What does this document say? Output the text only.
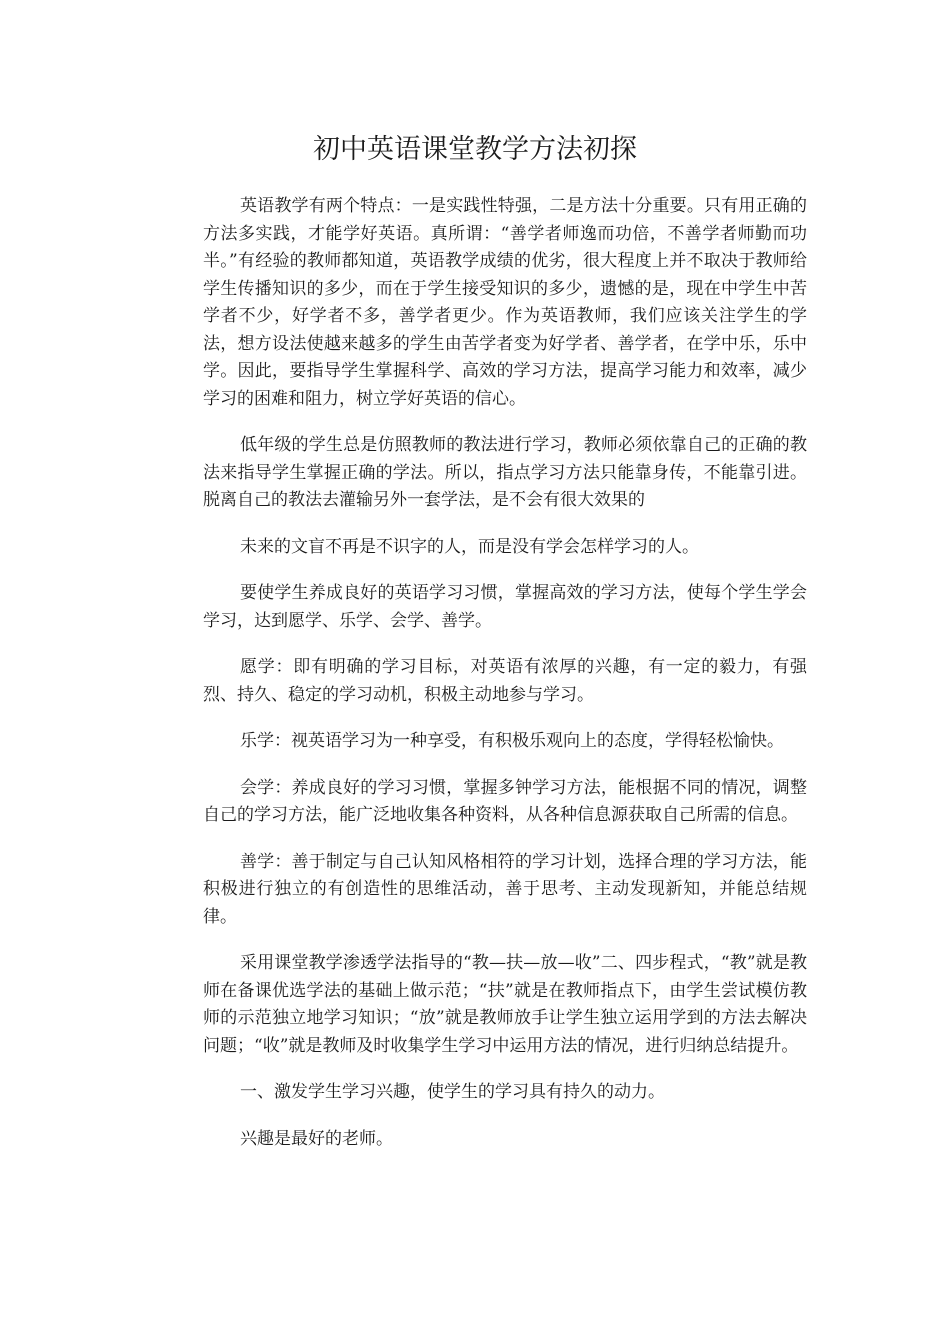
初中英语课堂教学方法初探

英语教学有两个特点：一是实践性特强，二是方法十分重要。只有用正确的方法多实践，才能学好英语。真所谓：“善学者师逸而功倍，不善学者师勤而功半。”有经验的教师都知道，英语教学成绩的优劣，很大程度上并不取决于教师给学生传播知识的多少，而在于学生接受知识的多少，遗憾的是，现在中学生中苦学者不少，好学者不多，善学者更少。作为英语教师，我们应该关注学生的学法，想方设法使越来越多的学生由苦学者变为好学者、善学者，在学中乐，乐中学。因此，要指导学生掌握科学、高效的学习方法，提高学习能力和效率，减少学习的困难和阻力，树立学好英语的信心。

低年级的学生总是仿照教师的教法进行学习，教师必须依靠自己的正确的教法来指导学生掌握正确的学法。所以，指点学习方法只能靠身传，不能靠引进。脱离自己的教法去灌输另外一套学法，是不会有很大效果的

未来的文盲不再是不识字的人，而是没有学会怎样学习的人。

要使学生养成良好的英语学习习惯，掌握高效的学习方法，使每个学生学会学习，达到愿学、乐学、会学、善学。

愿学：即有明确的学习目标，对英语有浓厚的兴趣，有一定的毅力，有强烈、持久、稳定的学习动机，积极主动地参与学习。

乐学：视英语学习为一种享受，有积极乐观向上的态度，学得轻松愉快。

会学：养成良好的学习习惯，掌握多钟学习方法，能根据不同的情况，调整自己的学习方法，能广泛地收集各种资料，从各种信息源获取自己所需的信息。

善学：善于制定与自己认知风格相符的学习计划，选择合理的学习方法，能积极进行独立的有创造性的思维活动，善于思考、主动发现新知，并能总结规律。

采用课堂教学渗透学法指导的“教—扶—放—收”二、四步程式，“教”就是教师在备课优选学法的基础上做示范；“扶”就是在教师指点下，由学生尝试模仿教师的示范独立地学习知识；“放”就是教师放手让学生独立运用学到的方法去解决问题；“收”就是教师及时收集学生学习中运用方法的情况，进行归纳总结提升。

一、激发学生学习兴趣，使学生的学习具有持久的动力。

兴趣是最好的老师。
